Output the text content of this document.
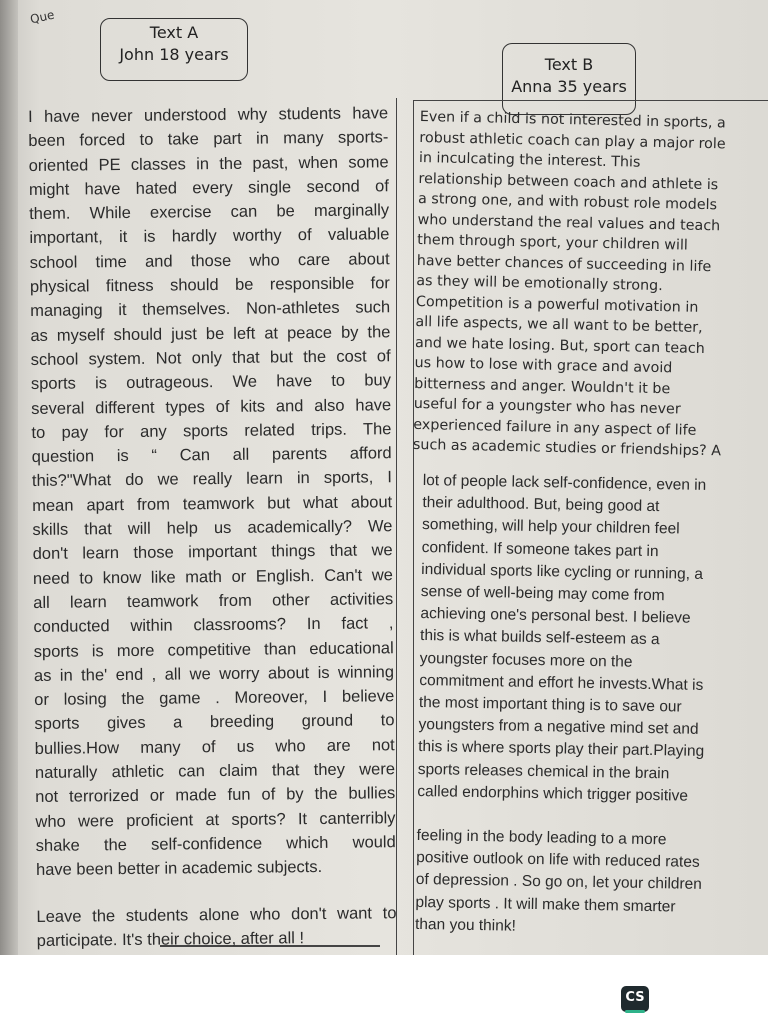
Que
Text A
John 18 years
Text B
Anna 35 years
I have never understood why students have
been forced to take part in many sports-
oriented PE classes in the past, when some
might have hated every single second of
them. While exercise can be marginally
important, it is hardly worthy of valuable
school time and those who care about
physical fitness should be responsible for
managing it themselves. Non-athletes such
as myself should just be left at peace by the
school system. Not only that but the cost of
sports is outrageous. We have to buy
several different types of kits and also have
to pay for any sports related trips. The
question is “ Can all parents afford
this?"What do we really learn in sports, I
mean apart from teamwork but what about
skills that will help us academically? We
don't learn those important things that we
need to know like math or English. Can't we
all learn teamwork from other activities
conducted within classrooms? In fact ,
sports is more competitive than educational
as in the' end , all we worry about is winning
or losing the game . Moreover, I believe
sports gives a breeding ground to
bullies.How many of us who are not
naturally athletic can claim that they were
not terrorized or made fun of by the bullies
who were proficient at sports? It canterribly
shake the self-confidence which would
have been better in academic subjects.
Leave the students alone who don't want to
participate. It's their choice, after all !
Even if a child is not interested in sports, a
robust athletic coach can play a major role
in inculcating the interest. This
relationship between coach and athlete is
a strong one, and with robust role models
who understand the real values and teach
them through sport, your children will
have better chances of succeeding in life
as they will be emotionally strong.
Competition is a powerful motivation in
all life aspects, we all want to be better,
and we hate losing. But, sport can teach
us how to lose with grace and avoid
bitterness and anger. Wouldn't it be
useful for a youngster who has never
experienced failure in any aspect of life
such as academic studies or friendships? A
lot of people lack self-confidence, even in
their adulthood. But, being good at
something, will help your children feel
confident. If someone takes part in
individual sports like cycling or running, a
sense of well-being may come from
achieving one's personal best. I believe
this is what builds self-esteem as a
youngster focuses more on the
commitment and effort he invests.What is
the most important thing is to save our
youngsters from a negative mind set and
this is where sports play their part.Playing
sports releases chemical in the brain
called endorphins which trigger positive
feeling in the body leading to a more
positive outlook on life with reduced rates
of depression . So go on, let your children
play sports . It will make them smarter
than you think!
CS
